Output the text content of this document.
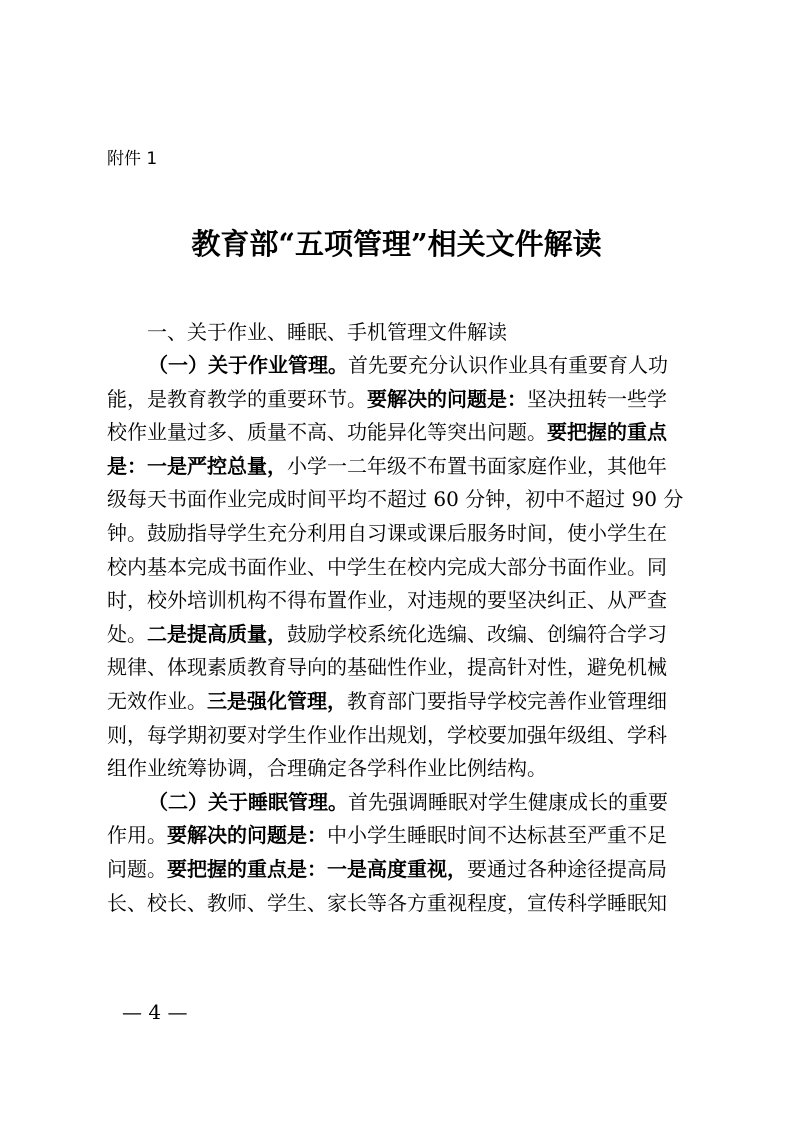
附件 1
教育部“五项管理”相关文件解读
一、关于作业、睡眠、手机管理文件解读
（一）关于作业管理。首先要充分认识作业具有重要育人功
能，是教育教学的重要环节。要解决的问题是：坚决扭转一些学
校作业量过多、质量不高、功能异化等突出问题。要把握的重点
是：一是严控总量，小学一二年级不布置书面家庭作业，其他年
级每天书面作业完成时间平均不超过 60 分钟，初中不超过 90 分
钟。鼓励指导学生充分利用自习课或课后服务时间，使小学生在
校内基本完成书面作业、中学生在校内完成大部分书面作业。同
时，校外培训机构不得布置作业，对违规的要坚决纠正、从严查
处。二是提高质量，鼓励学校系统化选编、改编、创编符合学习
规律、体现素质教育导向的基础性作业，提高针对性，避免机械
无效作业。三是强化管理，教育部门要指导学校完善作业管理细
则，每学期初要对学生作业作出规划，学校要加强年级组、学科
组作业统筹协调，合理确定各学科作业比例结构。
（二）关于睡眠管理。首先强调睡眠对学生健康成长的重要
作用。要解决的问题是：中小学生睡眠时间不达标甚至严重不足
问题。要把握的重点是：一是高度重视，要通过各种途径提高局
长、校长、教师、学生、家长等各方重视程度，宣传科学睡眠知
— 4 —
